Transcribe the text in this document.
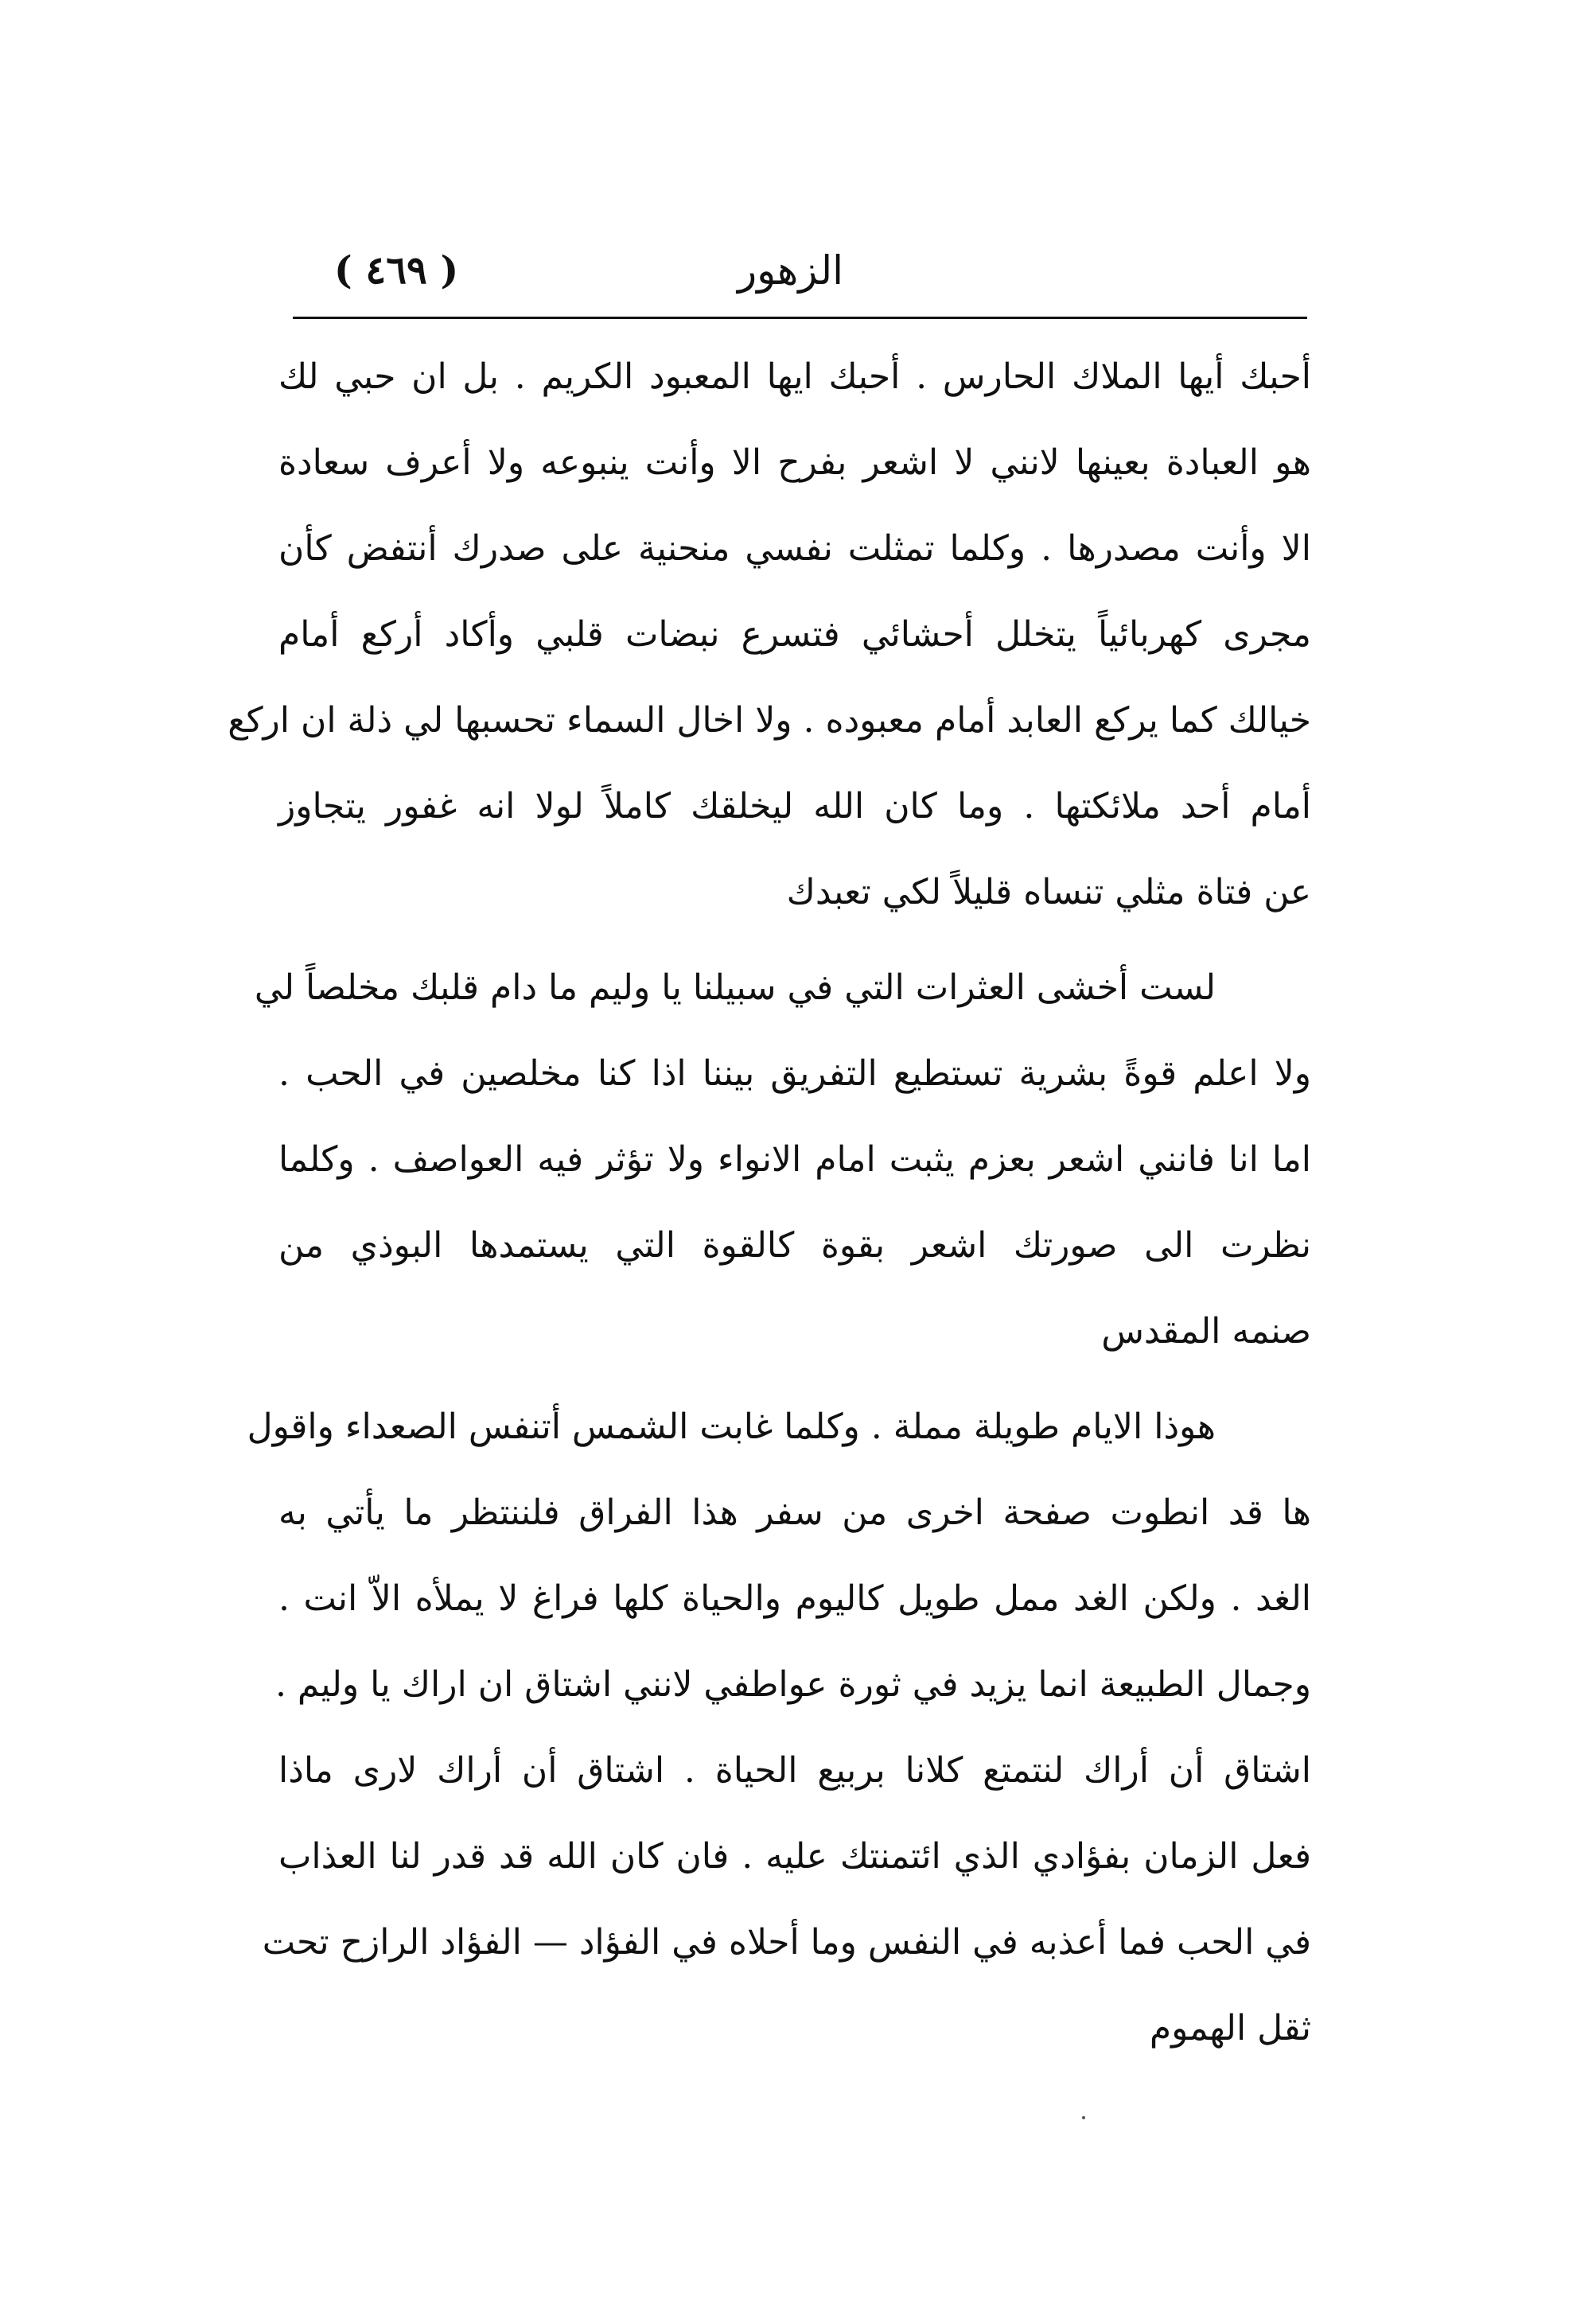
الزهور
( ٤٦٩ )
أحبك أيها الملاك الحارس . أحبك ايها المعبود الكريم . بل ان حبي لك
هو العبادة بعينها لانني لا اشعر بفرح الا وأنت ينبوعه ولا أعرف سعادة
الا وأنت مصدرها . وكلما تمثلت نفسي منحنية على صدرك أنتفض كأن
مجرى كهربائياً يتخلل أحشائي فتسرع نبضات قلبي وأكاد أركع أمام
خيالك كما يركع العابد أمام معبوده . ولا اخال السماء تحسبها لي ذلة ان اركع
أمام أحد ملائكتها . وما كان الله ليخلقك كاملاً لولا انه غفور يتجاوز
عن فتاة مثلي تنساه قليلاً لكي تعبدك
لست أخشى العثرات التي في سبيلنا يا وليم ما دام قلبك مخلصاً لي
ولا اعلم قوةً بشرية تستطيع التفريق بيننا اذا كنا مخلصين في الحب .
اما انا فانني اشعر بعزم يثبت امام الانواء ولا تؤثر فيه العواصف . وكلما
نظرت الى صورتك اشعر بقوة كالقوة التي يستمدها البوذي من
صنمه المقدس
هوذا الايام طويلة مملة . وكلما غابت الشمس أتنفس الصعداء واقول
ها قد انطوت صفحة اخرى من سفر هذا الفراق فلننتظر ما يأتي به
الغد . ولكن الغد ممل طويل كاليوم والحياة كلها فراغ لا يملأه الاّ انت .
وجمال الطبيعة انما يزيد في ثورة عواطفي لانني اشتاق ان اراك يا وليم .
اشتاق أن أراك لنتمتع كلانا بربيع الحياة . اشتاق أن أراك لارى ماذا
فعل الزمان بفؤادي الذي ائتمنتك عليه . فان كان الله قد قدر لنا العذاب
في الحب فما أعذبه في النفس وما أحلاه في الفؤاد — الفؤاد الرازح تحت
ثقل الهموم
